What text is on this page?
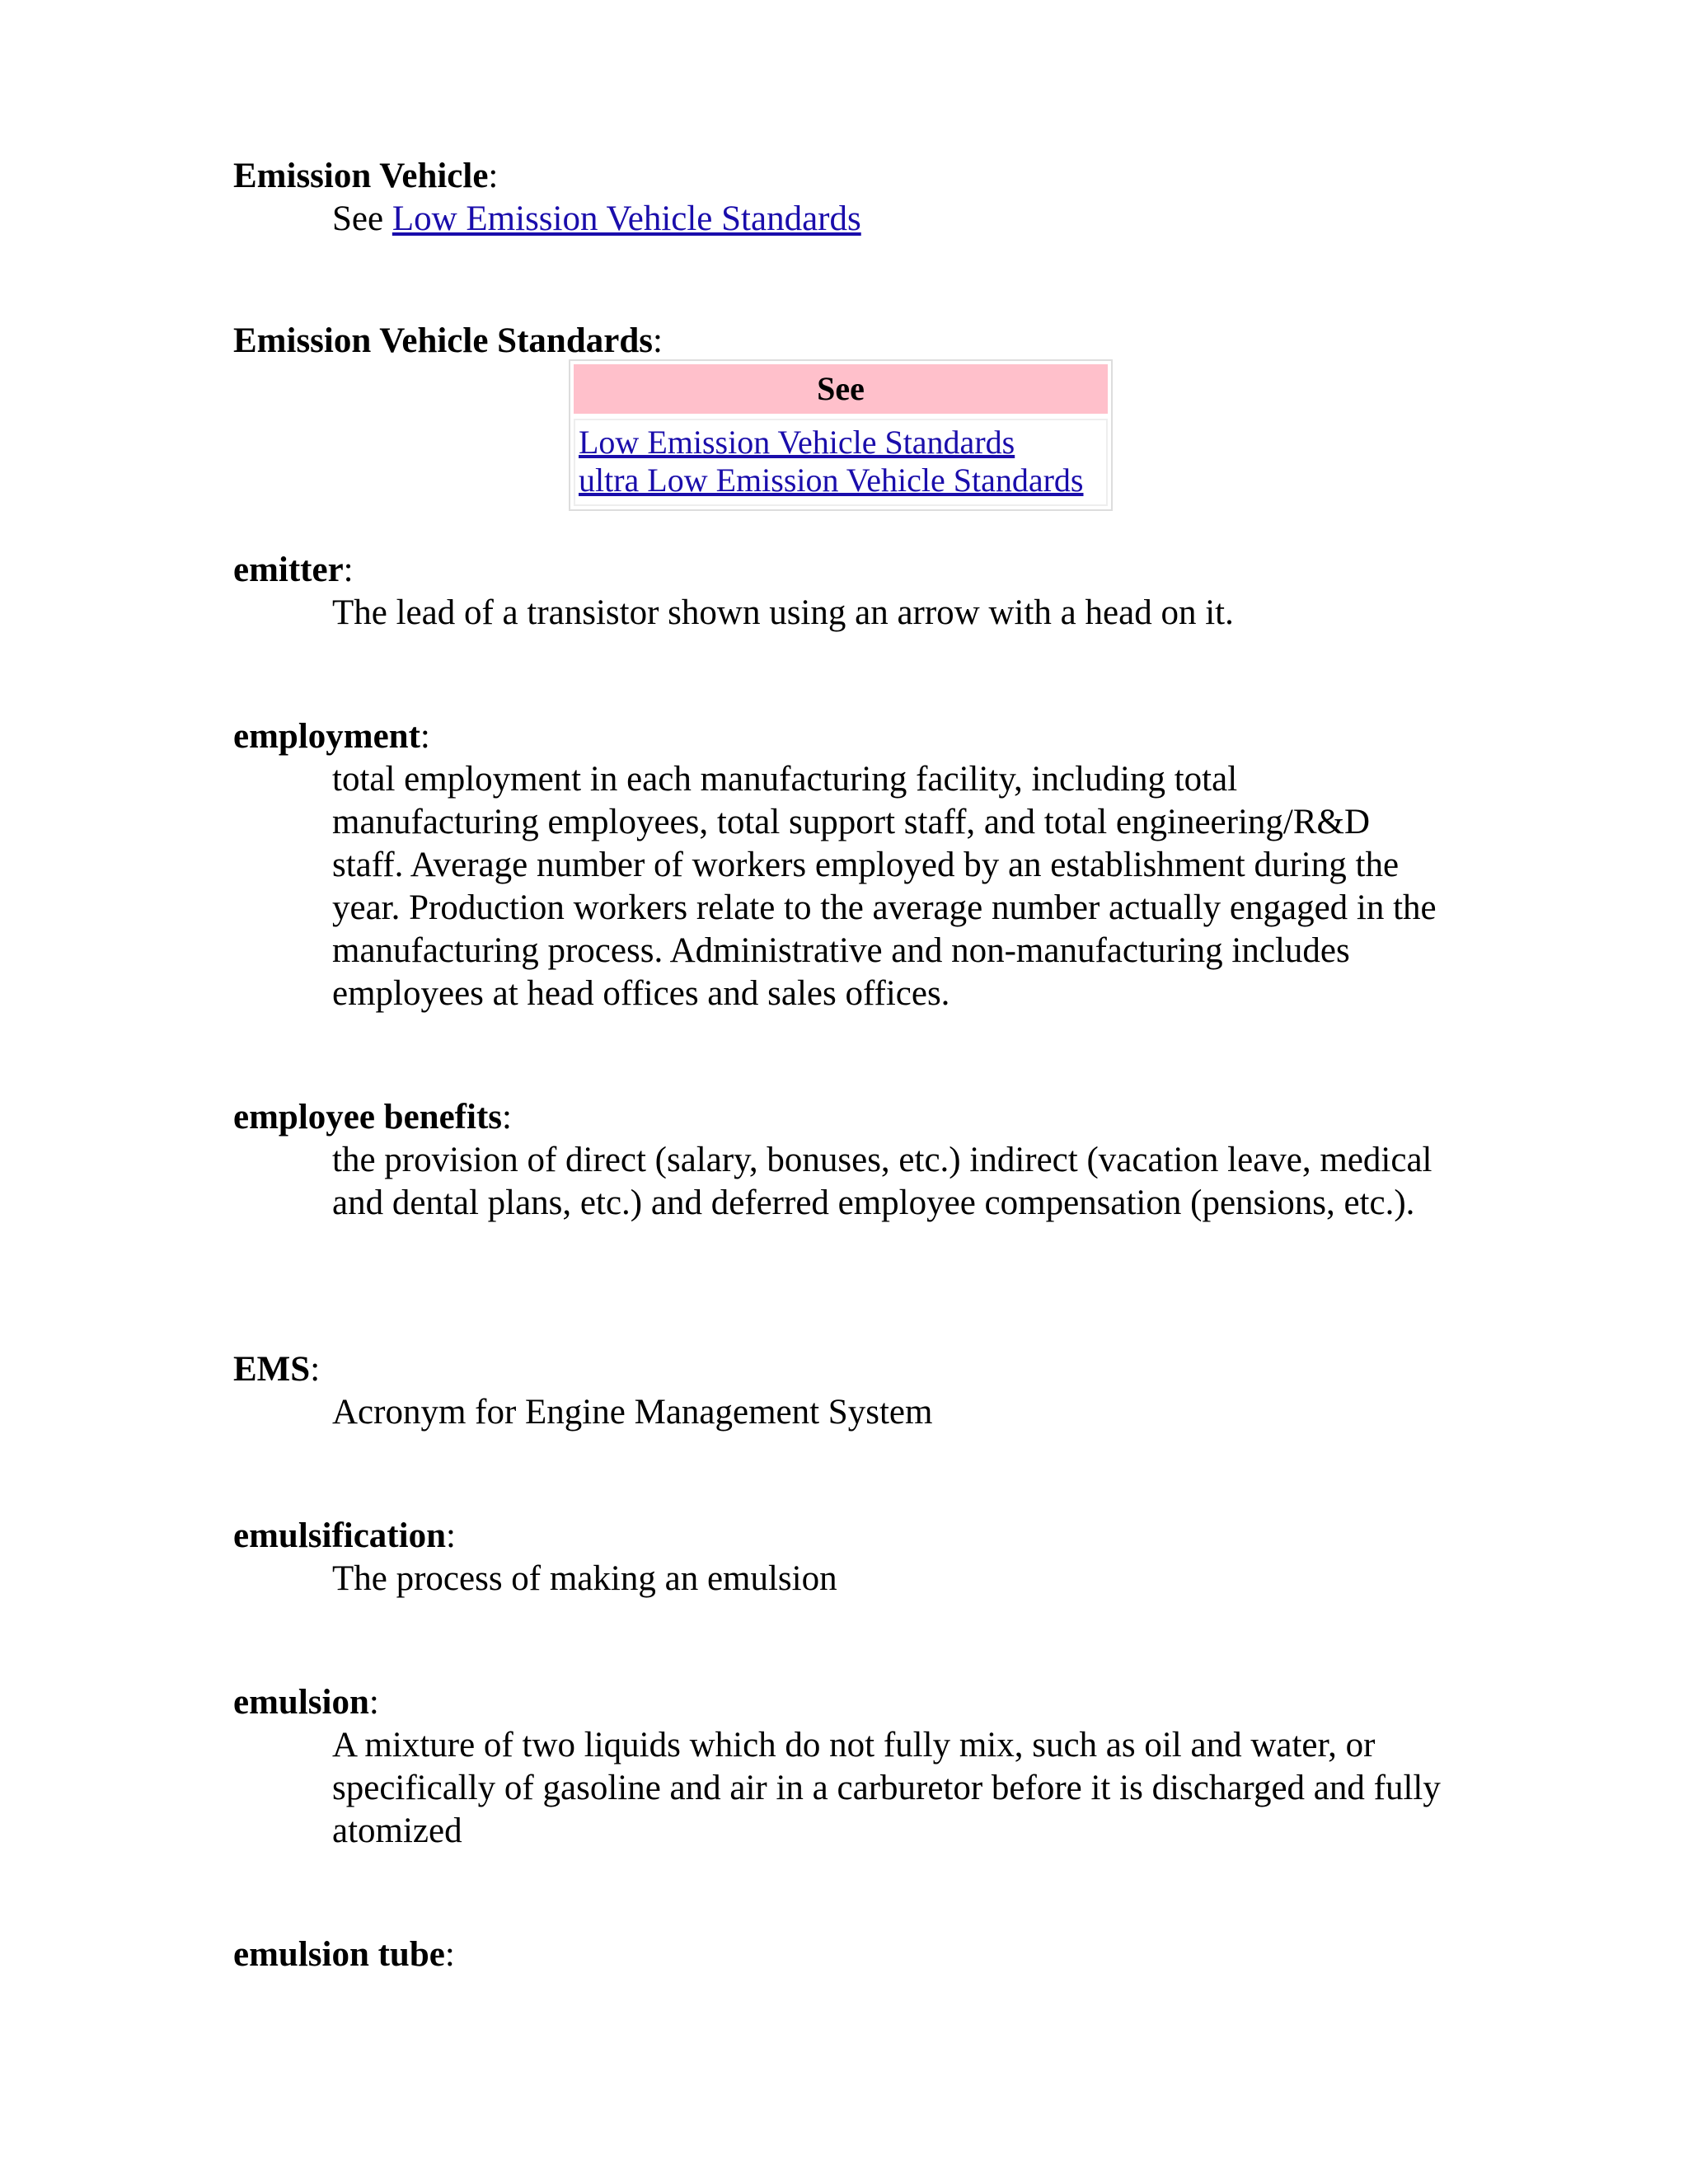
Emission Vehicle:
See Low Emission Vehicle Standards
Emission Vehicle Standards:
See
Low Emission Vehicle Standards
ultra Low Emission Vehicle Standards
emitter:
The lead of a transistor shown using an arrow with a head on it.
employment:
total employment in each manufacturing facility, including total manufacturing employees, total support staff, and total engineering/R&D staff. Average number of workers employed by an establishment during the year. Production workers relate to the average number actually engaged in the manufacturing process. Administrative and non-manufacturing includes employees at head offices and sales offices.
employee benefits:
the provision of direct (salary, bonuses, etc.) indirect (vacation leave, medical and dental plans, etc.) and deferred employee compensation (pensions, etc.).
EMS:
Acronym for Engine Management System
emulsification:
The process of making an emulsion
emulsion:
A mixture of two liquids which do not fully mix, such as oil and water, or specifically of gasoline and air in a carburetor before it is discharged and fully atomized
emulsion tube:
